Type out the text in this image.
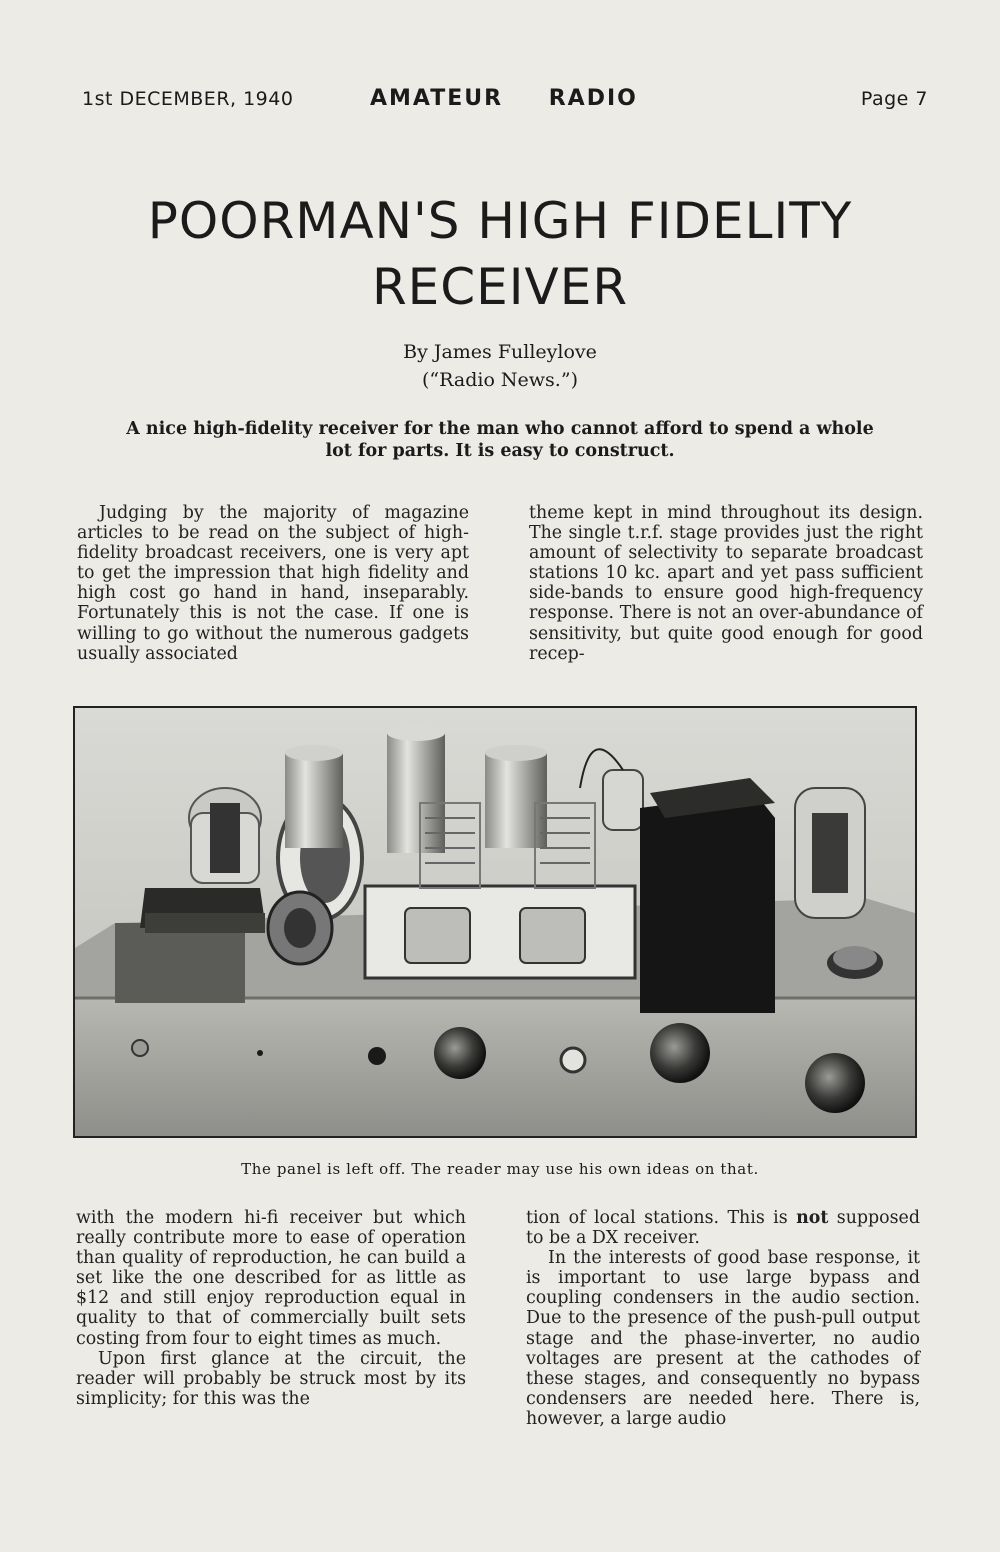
1st DECEMBER, 1940	AMATEUR RADIO	Page 7
POORMAN'S HIGH FIDELITY
RECEIVER
By James Fulleylove
(“Radio News.”)
A nice high-fidelity receiver for the man who cannot afford to spend a whole lot for parts. It is easy to construct.

Judging by the majority of magazine articles to be read on the subject of high-fidelity broadcast receivers, one is very apt to get the impression that high fidelity and high cost go hand in hand, inseparably. Fortunately this is not the case. If one is willing to go without the numerous gadgets usually associated

theme kept in mind throughout its design. The single t.r.f. stage provides just the right amount of selectivity to separate broadcast stations 10 kc. apart and yet pass sufficient side-bands to ensure good high-frequency response. There is not an over-abundance of sensitivity, but quite good enough for good recep-

The panel is left off. The reader may use his own ideas on that.

with the modern hi-fi receiver but which really contribute more to ease of operation than quality of reproduction, he can build a set like the one described for as little as $12 and still enjoy reproduction equal in quality to that of commercially built sets costing from four to eight times as much.

Upon first glance at the circuit, the reader will probably be struck most by its simplicity; for this was the

tion of local stations. This is not supposed to be a DX receiver.

In the interests of good base response, it is important to use large bypass and coupling condensers in the audio section. Due to the presence of the push-pull output stage and the phase-inverter, no audio voltages are present at the cathodes of these stages, and consequently no bypass condensers are needed here. There is, however, a large audio
